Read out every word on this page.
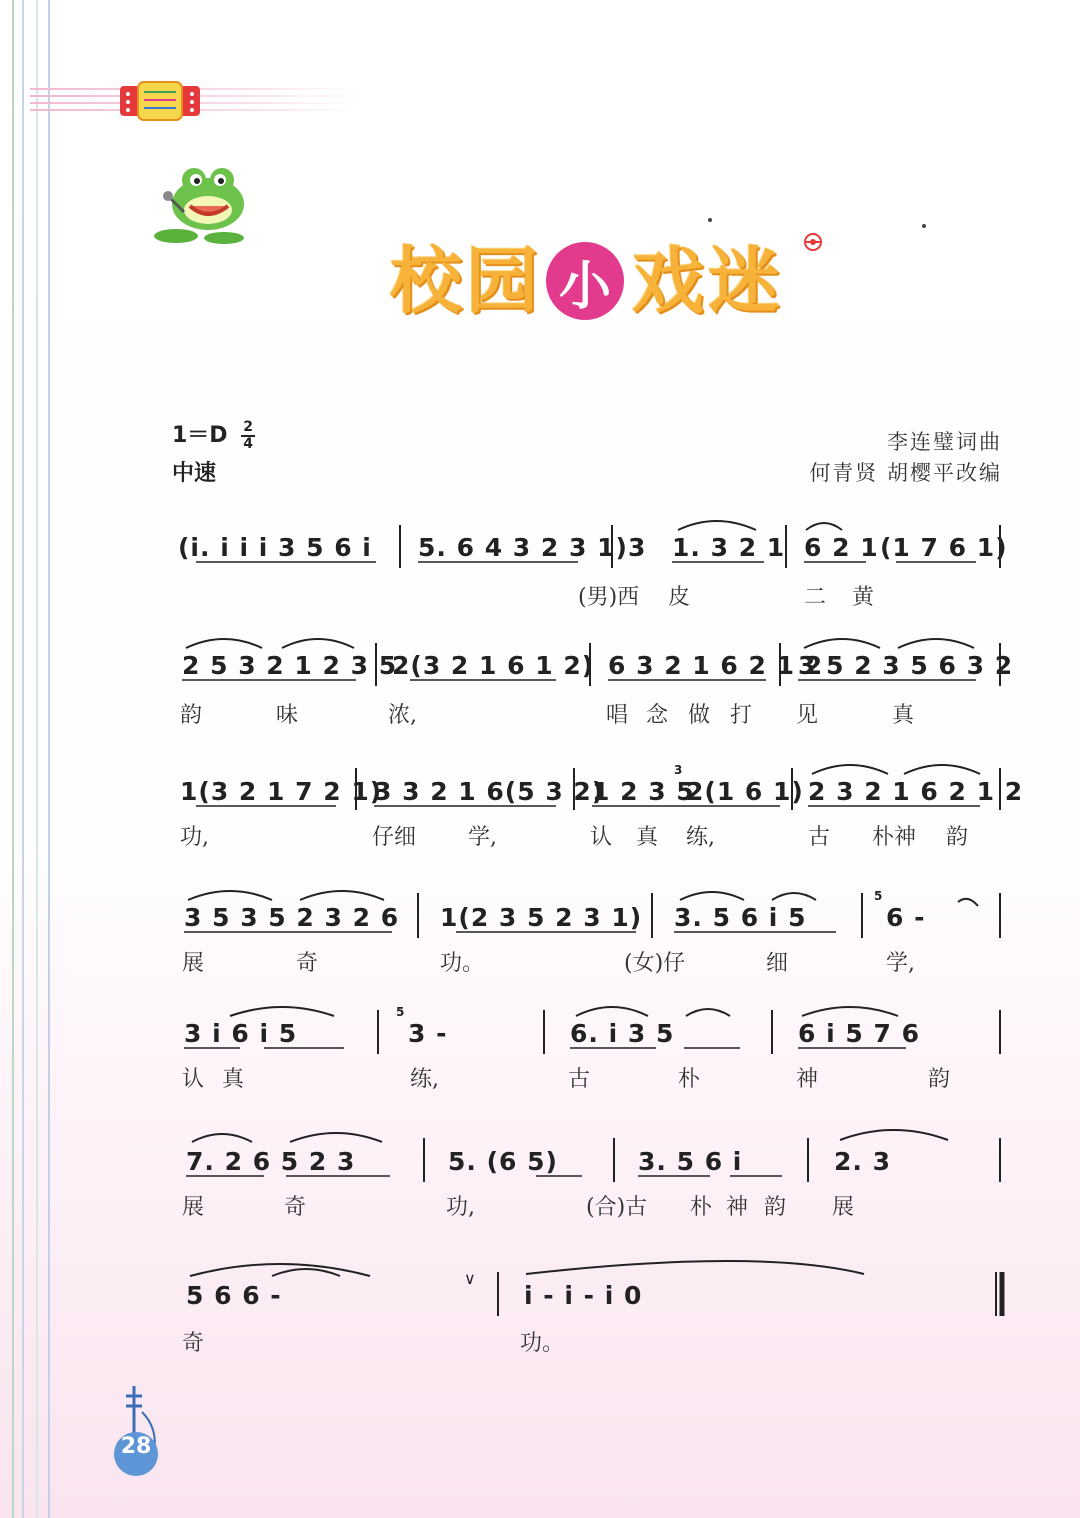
校 园 小 戏 迷
$1=D \frac{2}{4}$
中速
李连璧词曲
何青贤 胡樱平改编
(i. i i i 3 5 6 i 5. 6 4 3 2 3 1) 3 1. 3 2 1 6 2 1 (1 7 6 1)
(男)西 皮	二 黄
2 5 3 2 1 2 3 5
2(3 2 1 6 1 2) 6 3 2 1 6 2 1 2
3 5 2 3 5 6 3 2
韵	味	浓,	唱 念 做 打 见	真
1(3 2 1 7 2 1)
3 3 2 1 6(5 3 2)
1 2 3 5
3
2(1 6 1) 2 3 2 1 6 2 1 2
功,	仔细 学,	认 真 练,	古 朴神 韵
3 5 3 5 2 3 2 6 1(2 3 5 2 3 1) 3. 5 6 i 5
5
6 -
展	奇	功。	(女)仔	细	学,
3 i 6 i 5
5
3 -	6. i 3 5	6 i 5 7 6
认 真	练,	古	朴	神	韵
7. 2 6 5 2 3	5. (6 5)	3. 5 6 i	2. 3
展	奇	功,	(合)古 朴 神 韵 展
5 6 6 -
∨
i - i - i 0
奇	功。
28
